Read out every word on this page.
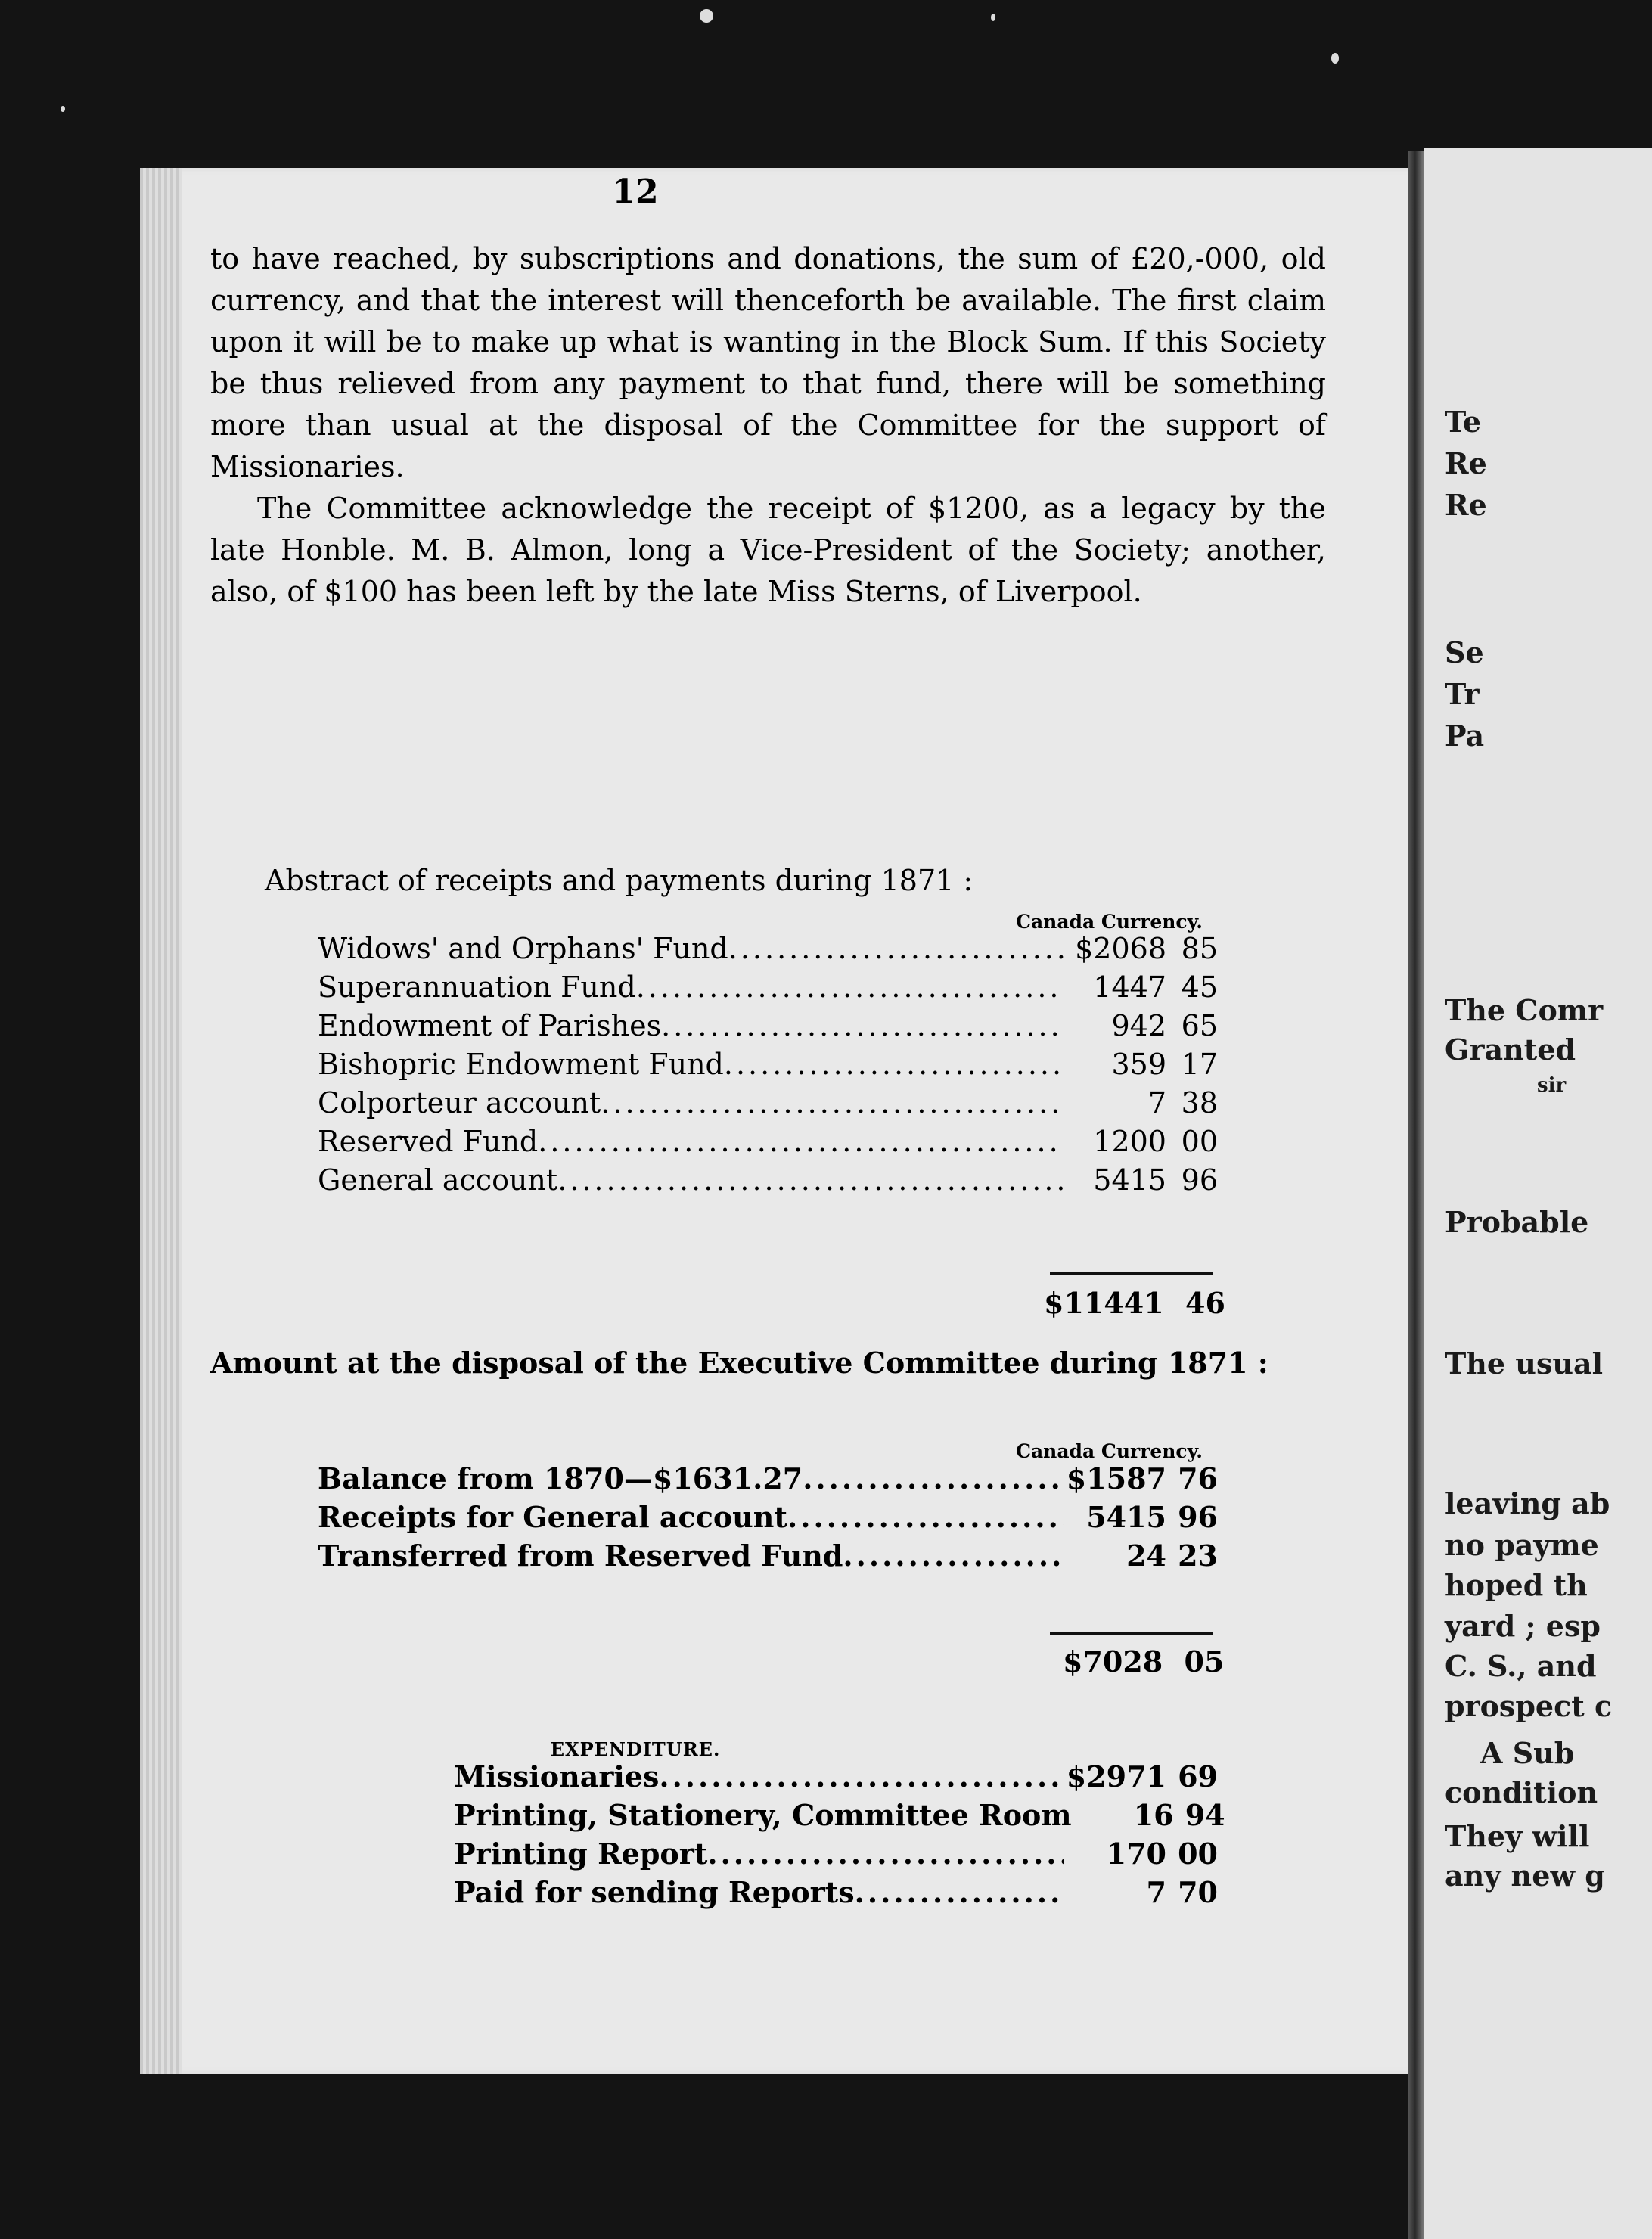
Te
Re
Re
Se
Tr
Pa
The Comr
Granted
sir
Probable
The usual
leaving ab
no payme
hoped th
yard ; esp
C. S., and
prospect c
A Sub
condition
They will
any new g
12

to have reached, by subscriptions and donations, the sum of £20,-000, old currency, and that the interest will thenceforth be available. The first claim upon it will be to make up what is wanting in the Block Sum. If this Society be thus relieved from any payment to that fund, there will be something more than usual at the disposal of the Committee for the support of Missionaries.

The Committee acknowledge the receipt of $1200, as a legacy by the late Honble. M. B. Almon, long a Vice-President of the Society; another, also, of $100 has been left by the late Miss Sterns, of Liverpool.

Abstract of receipts and payments during 1871 :
Canada Currency.
Widows' and Orphans' Fund .....	$2068 85
Superannuation Fund .....	1447 45
Endowment of Parishes .....	942 65
Bishopric Endowment Fund .....	359 17
Colporteur account .....	7 38
Reserved Fund .....	1200 00
General account .....	5415 96
$11441 46
Amount at the disposal of the Executive Committee during 1871 :
Canada Currency.
Balance from 1870—$1631.27 .....	$1587 76
Receipts for General account .....	5415 96
Transferred from Reserved Fund .....	24 23
$7028 05
EXPENDITURE.
Missionaries .....	$2971 69
Printing, Stationery, Committee Room	16 94
Printing Report .....	170 00
Paid for sending Reports .....	7 70
